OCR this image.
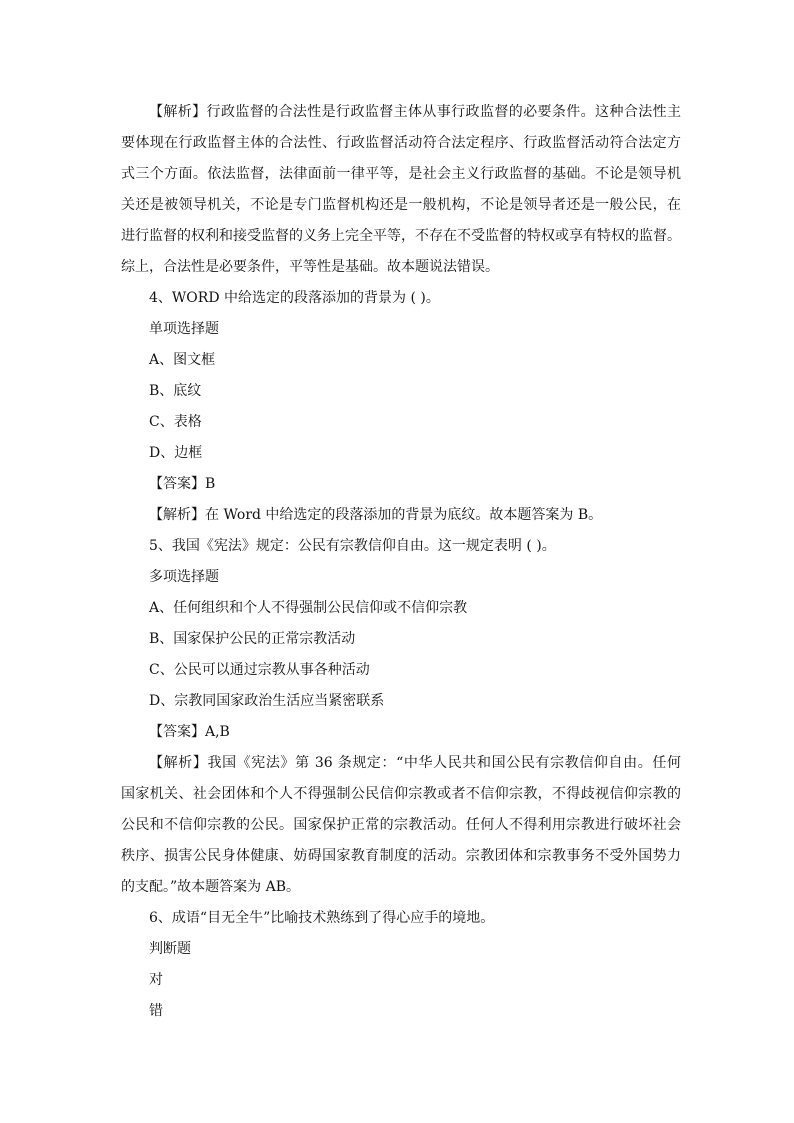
【解析】行政监督的合法性是行政监督主体从事行政监督的必要条件。这种合法性主
要体现在行政监督主体的合法性、行政监督活动符合法定程序、行政监督活动符合法定方
式三个方面。依法监督，法律面前一律平等，是社会主义行政监督的基础。不论是领导机
关还是被领导机关，不论是专门监督机构还是一般机构，不论是领导者还是一般公民，在
进行监督的权利和接受监督的义务上完全平等，不存在不受监督的特权或享有特权的监督。
综上，合法性是必要条件，平等性是基础。故本题说法错误。
4、WORD 中给选定的段落添加的背景为 ( )。
单项选择题
A、图文框
B、底纹
C、表格
D、边框
【答案】B
【解析】在 Word 中给选定的段落添加的背景为底纹。故本题答案为 B。
5、我国《宪法》规定：公民有宗教信仰自由。这一规定表明 ( )。
多项选择题
A、任何组织和个人不得强制公民信仰或不信仰宗教
B、国家保护公民的正常宗教活动
C、公民可以通过宗教从事各种活动
D、宗教同国家政治生活应当紧密联系
【答案】A,B
【解析】我国《宪法》第 36 条规定：“中华人民共和国公民有宗教信仰自由。任何
国家机关、社会团体和个人不得强制公民信仰宗教或者不信仰宗教，不得歧视信仰宗教的
公民和不信仰宗教的公民。国家保护正常的宗教活动。任何人不得利用宗教进行破坏社会
秩序、损害公民身体健康、妨碍国家教育制度的活动。宗教团体和宗教事务不受外国势力
的支配。”故本题答案为 AB。
6、成语“目无全牛”比喻技术熟练到了得心应手的境地。
判断题
对
错
